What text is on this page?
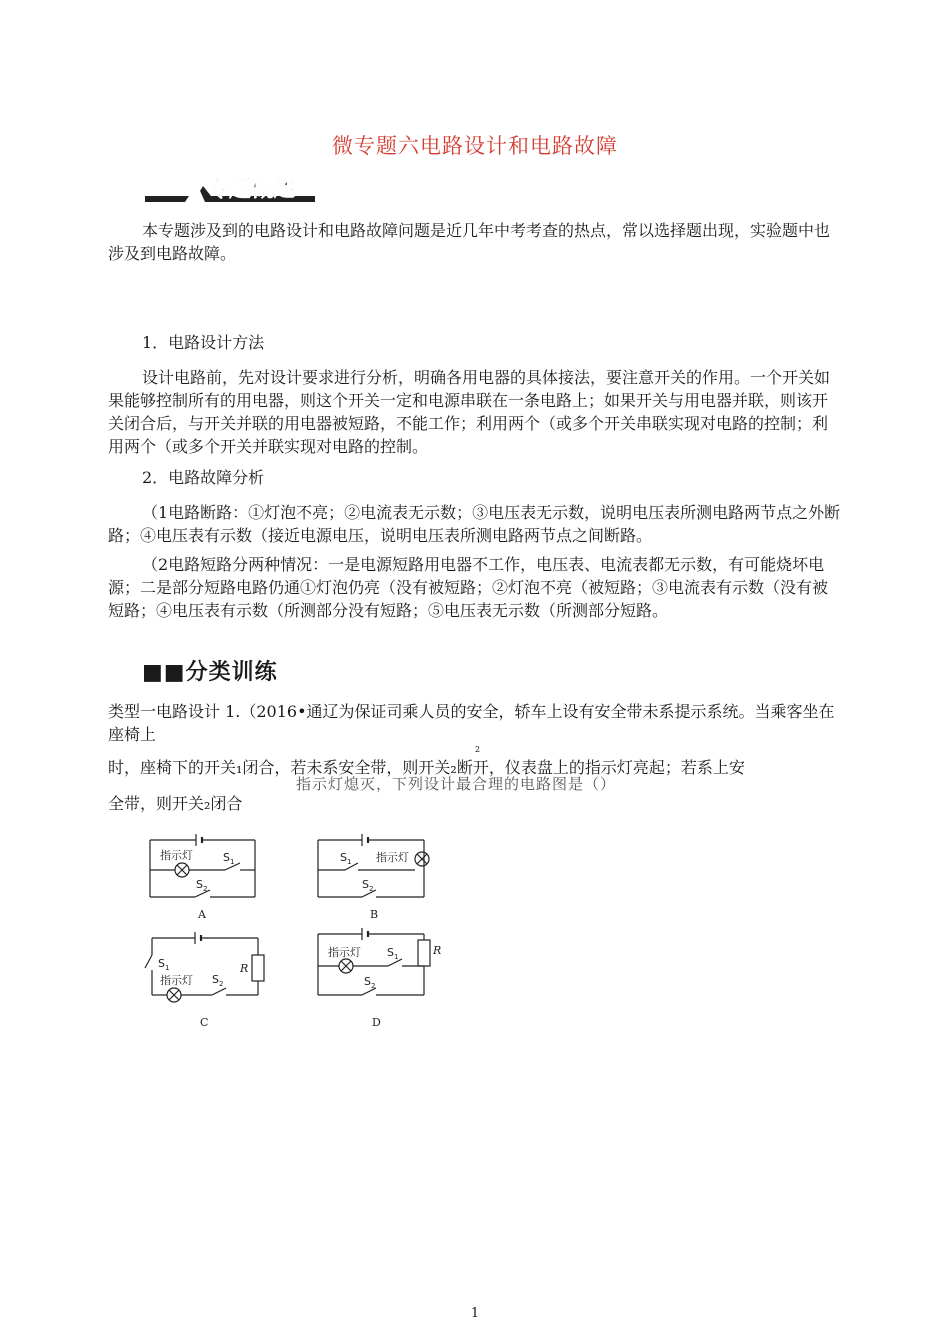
微专题六电路设计和电路故障
专题概述

本专题涉及到的电路设计和电路故障问题是近几年中考考查的热点，常以选择题出现，实验题中也涉及到电路故障。

1．电路设计方法

设计电路前，先对设计要求进行分析，明确各用电器的具体接法，要注意开关的作用。一个开关如果能够控制所有的用电器，则这个开关一定和电源串联在一条电路上；如果开关与用电器并联，则该开关闭合后，与开关并联的用电器被短路，不能工作；利用两个（或多个开关串联实现对电路的控制；利用两个（或多个开关并联实现对电路的控制。

2．电路故障分析

（1电路断路：①灯泡不亮；②电流表无示数；③电压表无示数，说明电压表所测电路两节点之外断路；④电压表有示数（接近电源电压，说明电压表所测电路两节点之间断路。

（2电路短路分两种情况：一是电源短路用电器不工作，电压表、电流表都无示数，有可能烧坏电源；二是部分短路电路仍通①灯泡仍亮（没有被短路；②灯泡不亮（被短路；③电流表有示数（没有被短路；④电压表有示数（所测部分没有短路；⑤电压表无示数（所测部分短路。

■■分类训练

类型一电路设计 1.（2016•通辽为保证司乘人员的安全，轿车上设有安全带未系提示系统。当乘客坐在座椅上

指示灯熄灭，下列设计最合理的电路图是（）
2

时，座椅下的开关₁闭合，若未系安全带，则开关₂断开，仪表盘上的指示灯亮起；若系上安

全带，则开关₂闭合

指示灯	$S_1$
$S_2$
A
指示灯
$S_1$
$S_2$
B
$S_1$
指示灯 $S_2$
R
C
指示灯 $S_1$
$S_2$
R
D
1
